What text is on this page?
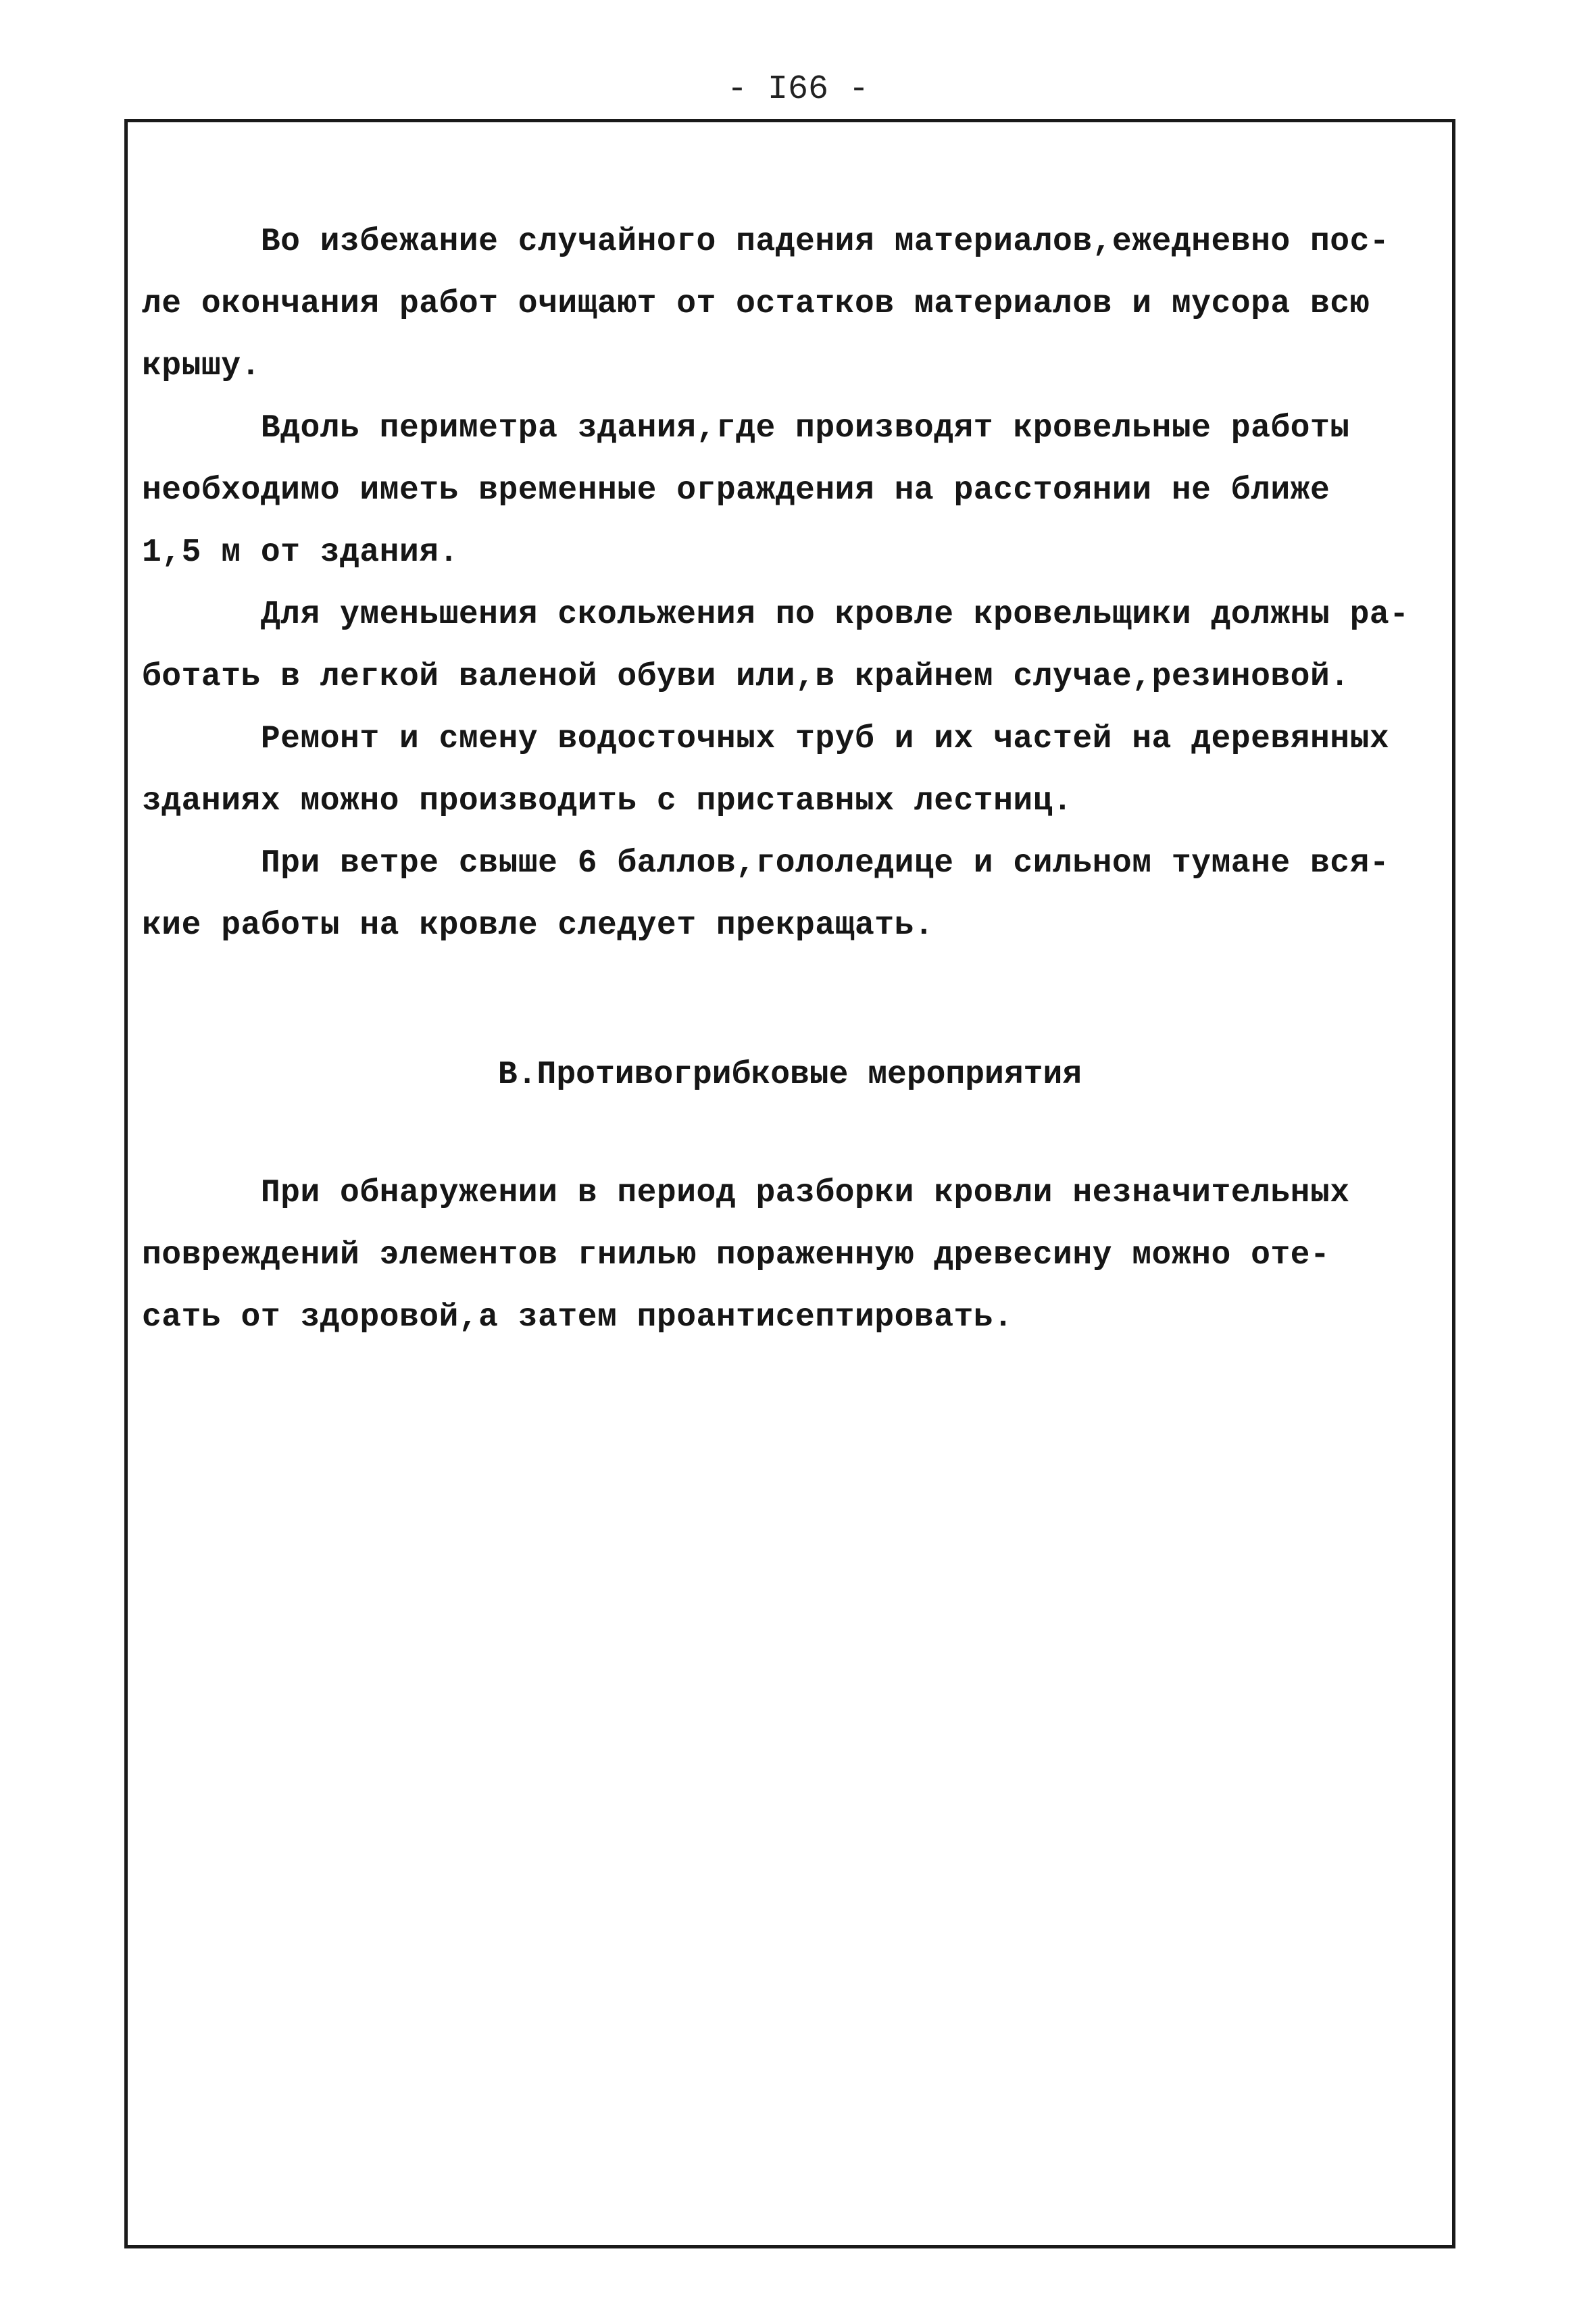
- I66 -
Во избежание случайного падения материалов,ежедневно пос-
ле окончания работ очищают от остатков материалов и мусора всю
крышу.
Вдоль периметра здания,где производят кровельные работы
необходимо иметь временные ограждения на расстоянии не ближе
1,5 м от здания.
Для уменьшения скольжения по кровле кровельщики должны ра-
ботать в легкой валеной обуви или,в крайнем случае,резиновой.
Ремонт и смену водосточных труб и их частей на деревянных
зданиях можно производить с приставных лестниц.
При ветре свыше 6 баллов,гололедице и сильном тумане вся-
кие работы на кровле следует прекращать.
В.Противогрибковые мероприятия
При обнаружении в период разборки кровли незначительных
повреждений элементов гнилью пораженную древесину можно оте-
сать от здоровой,а затем проантисептировать.
